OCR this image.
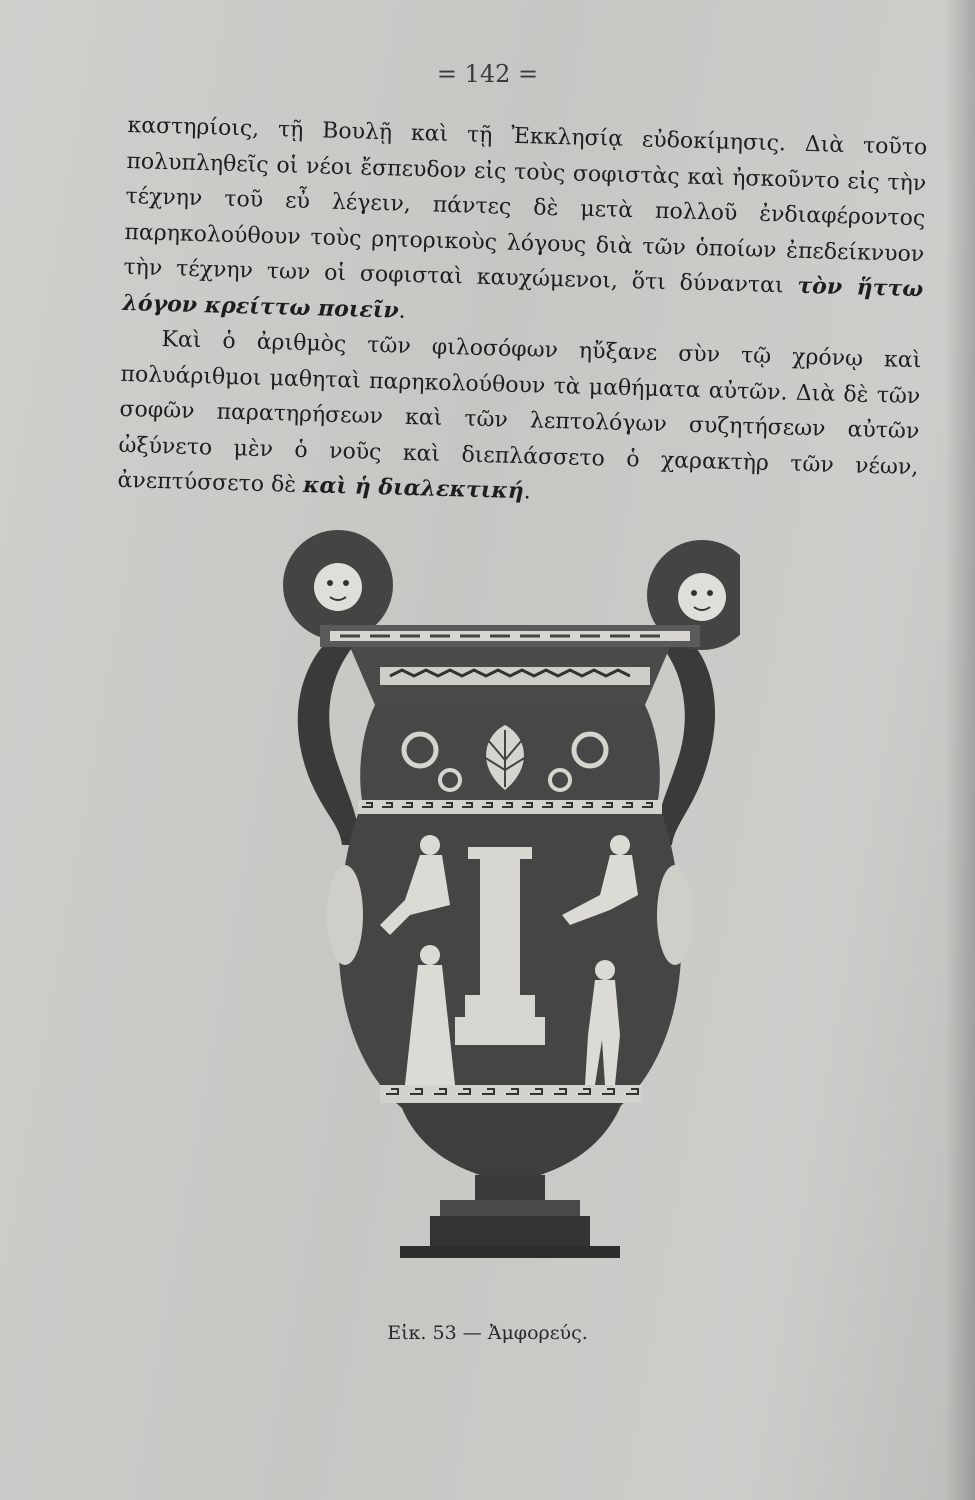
= 142 =

καστηρίοις, τῇ Βουλῇ καὶ τῇ Ἐκκλησίᾳ εὐδοκίμησις. Διὰ τοῦτο πολυπληθεῖς οἱ νέοι ἔσπευδον εἰς τοὺς σοφιστὰς καὶ ἠσκοῦντο εἰς τὴν τέχνην τοῦ εὖ λέγειν, πάντες δὲ μετὰ πολλοῦ ἐνδιαφέροντος παρηκολούθουν τοὺς ρητορικοὺς λόγους διὰ τῶν ὁποίων ἐπεδείκνυον τὴν τέχνην των οἱ σοφισταὶ καυχώμενοι, ὅτι δύνανται τὸν ἥττω λόγον κρείττω ποιεῖν.

Καὶ ὁ ἀριθμὸς τῶν φιλοσόφων ηὔξανε σὺν τῷ χρόνῳ καὶ πολυάριθμοι μαθηταὶ παρηκολούθουν τὰ μαθήματα αὐτῶν. Διὰ δὲ τῶν σοφῶν παρατηρήσεων καὶ τῶν λεπτολόγων συζητήσεων αὐτῶν ὠξύνετο μὲν ὁ νοῦς καὶ διεπλάσσετο ὁ χαρακτὴρ τῶν νέων, ἀνεπτύσσετο δὲ καὶ ἡ διαλεκτική.

Εἰκ. 53 — Ἀμφορεύς.
